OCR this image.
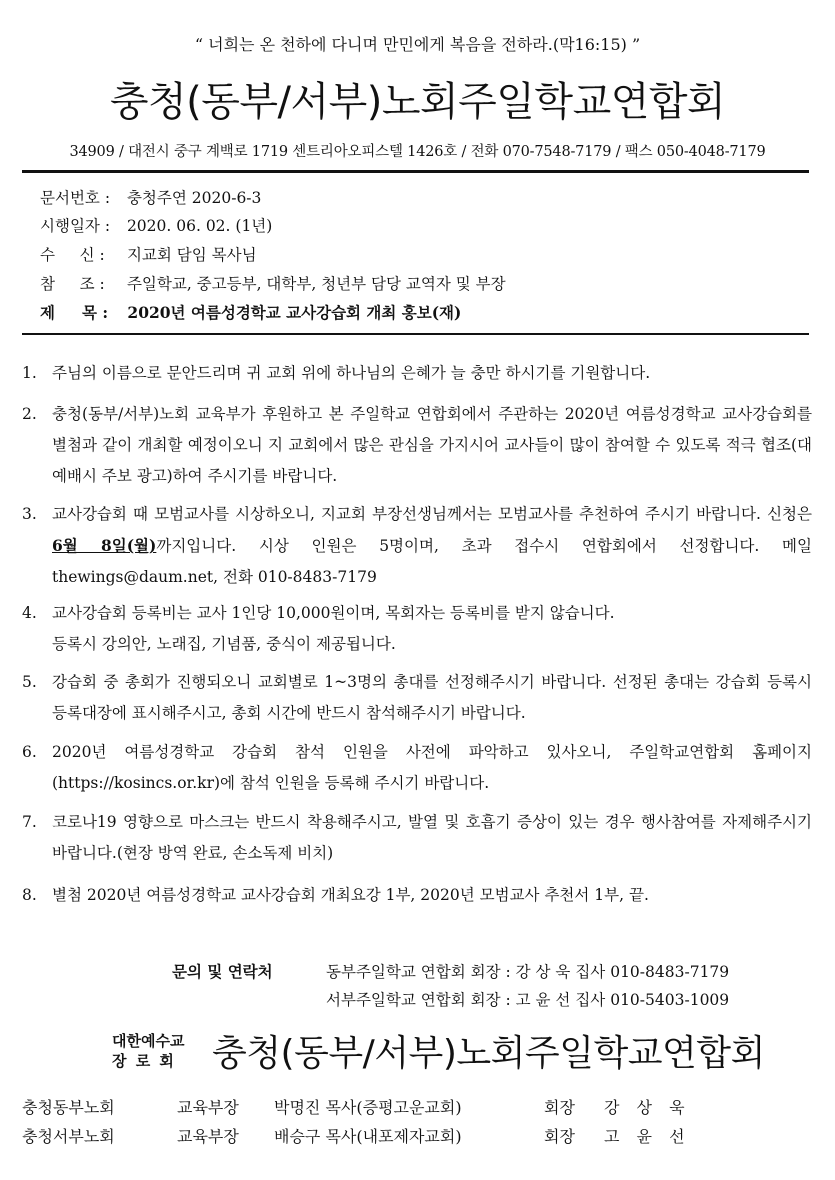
“ 너희는 온 천하에 다니며 만민에게 복음을 전하라.(막16:15) ”
충청(동부/서부)노회주일학교연합회
34909 / 대전시 중구 계백로 1719 센트리아오피스텔 1426호 / 전화 070-7548-7179 / 팩스 050-4048-7179
문서번호 : 충청주연 2020-6-3
시행일자 : 2020. 06. 02. (1년)
수     신 : 지교회 담임 목사님
참     조 : 주일학교, 중고등부, 대학부, 청년부 담당 교역자 및 부장
제     목 : 2020년 여름성경학교 교사강습회 개최 홍보(재)
1. 주님의 이름으로 문안드리며 귀 교회 위에 하나님의 은혜가 늘 충만 하시기를 기원합니다.
2. 충청(동부/서부)노회 교육부가 후원하고 본 주일학교 연합회에서 주관하는 2020년 여름성경학교 교사강습회를 별첨과 같이 개최할 예정이오니 지 교회에서 많은 관심을 가지시어 교사들이 많이 참여할 수 있도록 적극 협조(대예배시 주보 광고)하여 주시기를 바랍니다.
3. 교사강습회 때 모범교사를 시상하오니, 지교회 부장선생님께서는 모범교사를 추천하여 주시기 바랍니다. 신청은 6월 8일(월)까지입니다. 시상 인원은 5명이며, 초과 접수시 연합회에서 선정합니다. 메일 thewings@daum.net, 전화 010-8483-7179
4. 교사강습회 등록비는 교사 1인당 10,000원이며, 목회자는 등록비를 받지 않습니다.
등록시 강의안, 노래집, 기념품, 중식이 제공됩니다.
5. 강습회 중 총회가 진행되오니 교회별로 1~3명의 총대를 선정해주시기 바랍니다. 선정된 총대는 강습회 등록시 등록대장에 표시해주시고, 총회 시간에 반드시 참석해주시기 바랍니다.
6. 2020년 여름성경학교 강습회 참석 인원을 사전에 파악하고 있사오니, 주일학교연합회 홈페이지(https://kosincs.or.kr)에 참석 인원을 등록해 주시기 바랍니다.
7. 코로나19 영향으로 마스크는 반드시 착용해주시고, 발열 및 호흡기 증상이 있는 경우 행사참여를 자제해주시기 바랍니다.(현장 방역 완료, 손소독제 비치)
8. 별첨 2020년 여름성경학교 교사강습회 개최요강 1부, 2020년 모범교사 추천서 1부, 끝.
문의 및 연락처	동부주일학교 연합회 회장 : 강 상 욱 집사 010-8483-7179
서부주일학교 연합회 회장 : 고 윤 선 집사 010-5403-1009
대한예수교
장 로 회 충청(동부/서부)노회주일학교연합회
충청동부노회	교육부장 박명진 목사(증평고운교회)	회장 강 상 욱
충청서부노회	교육부장 배승구 목사(내포제자교회)	회장 고 윤 선
